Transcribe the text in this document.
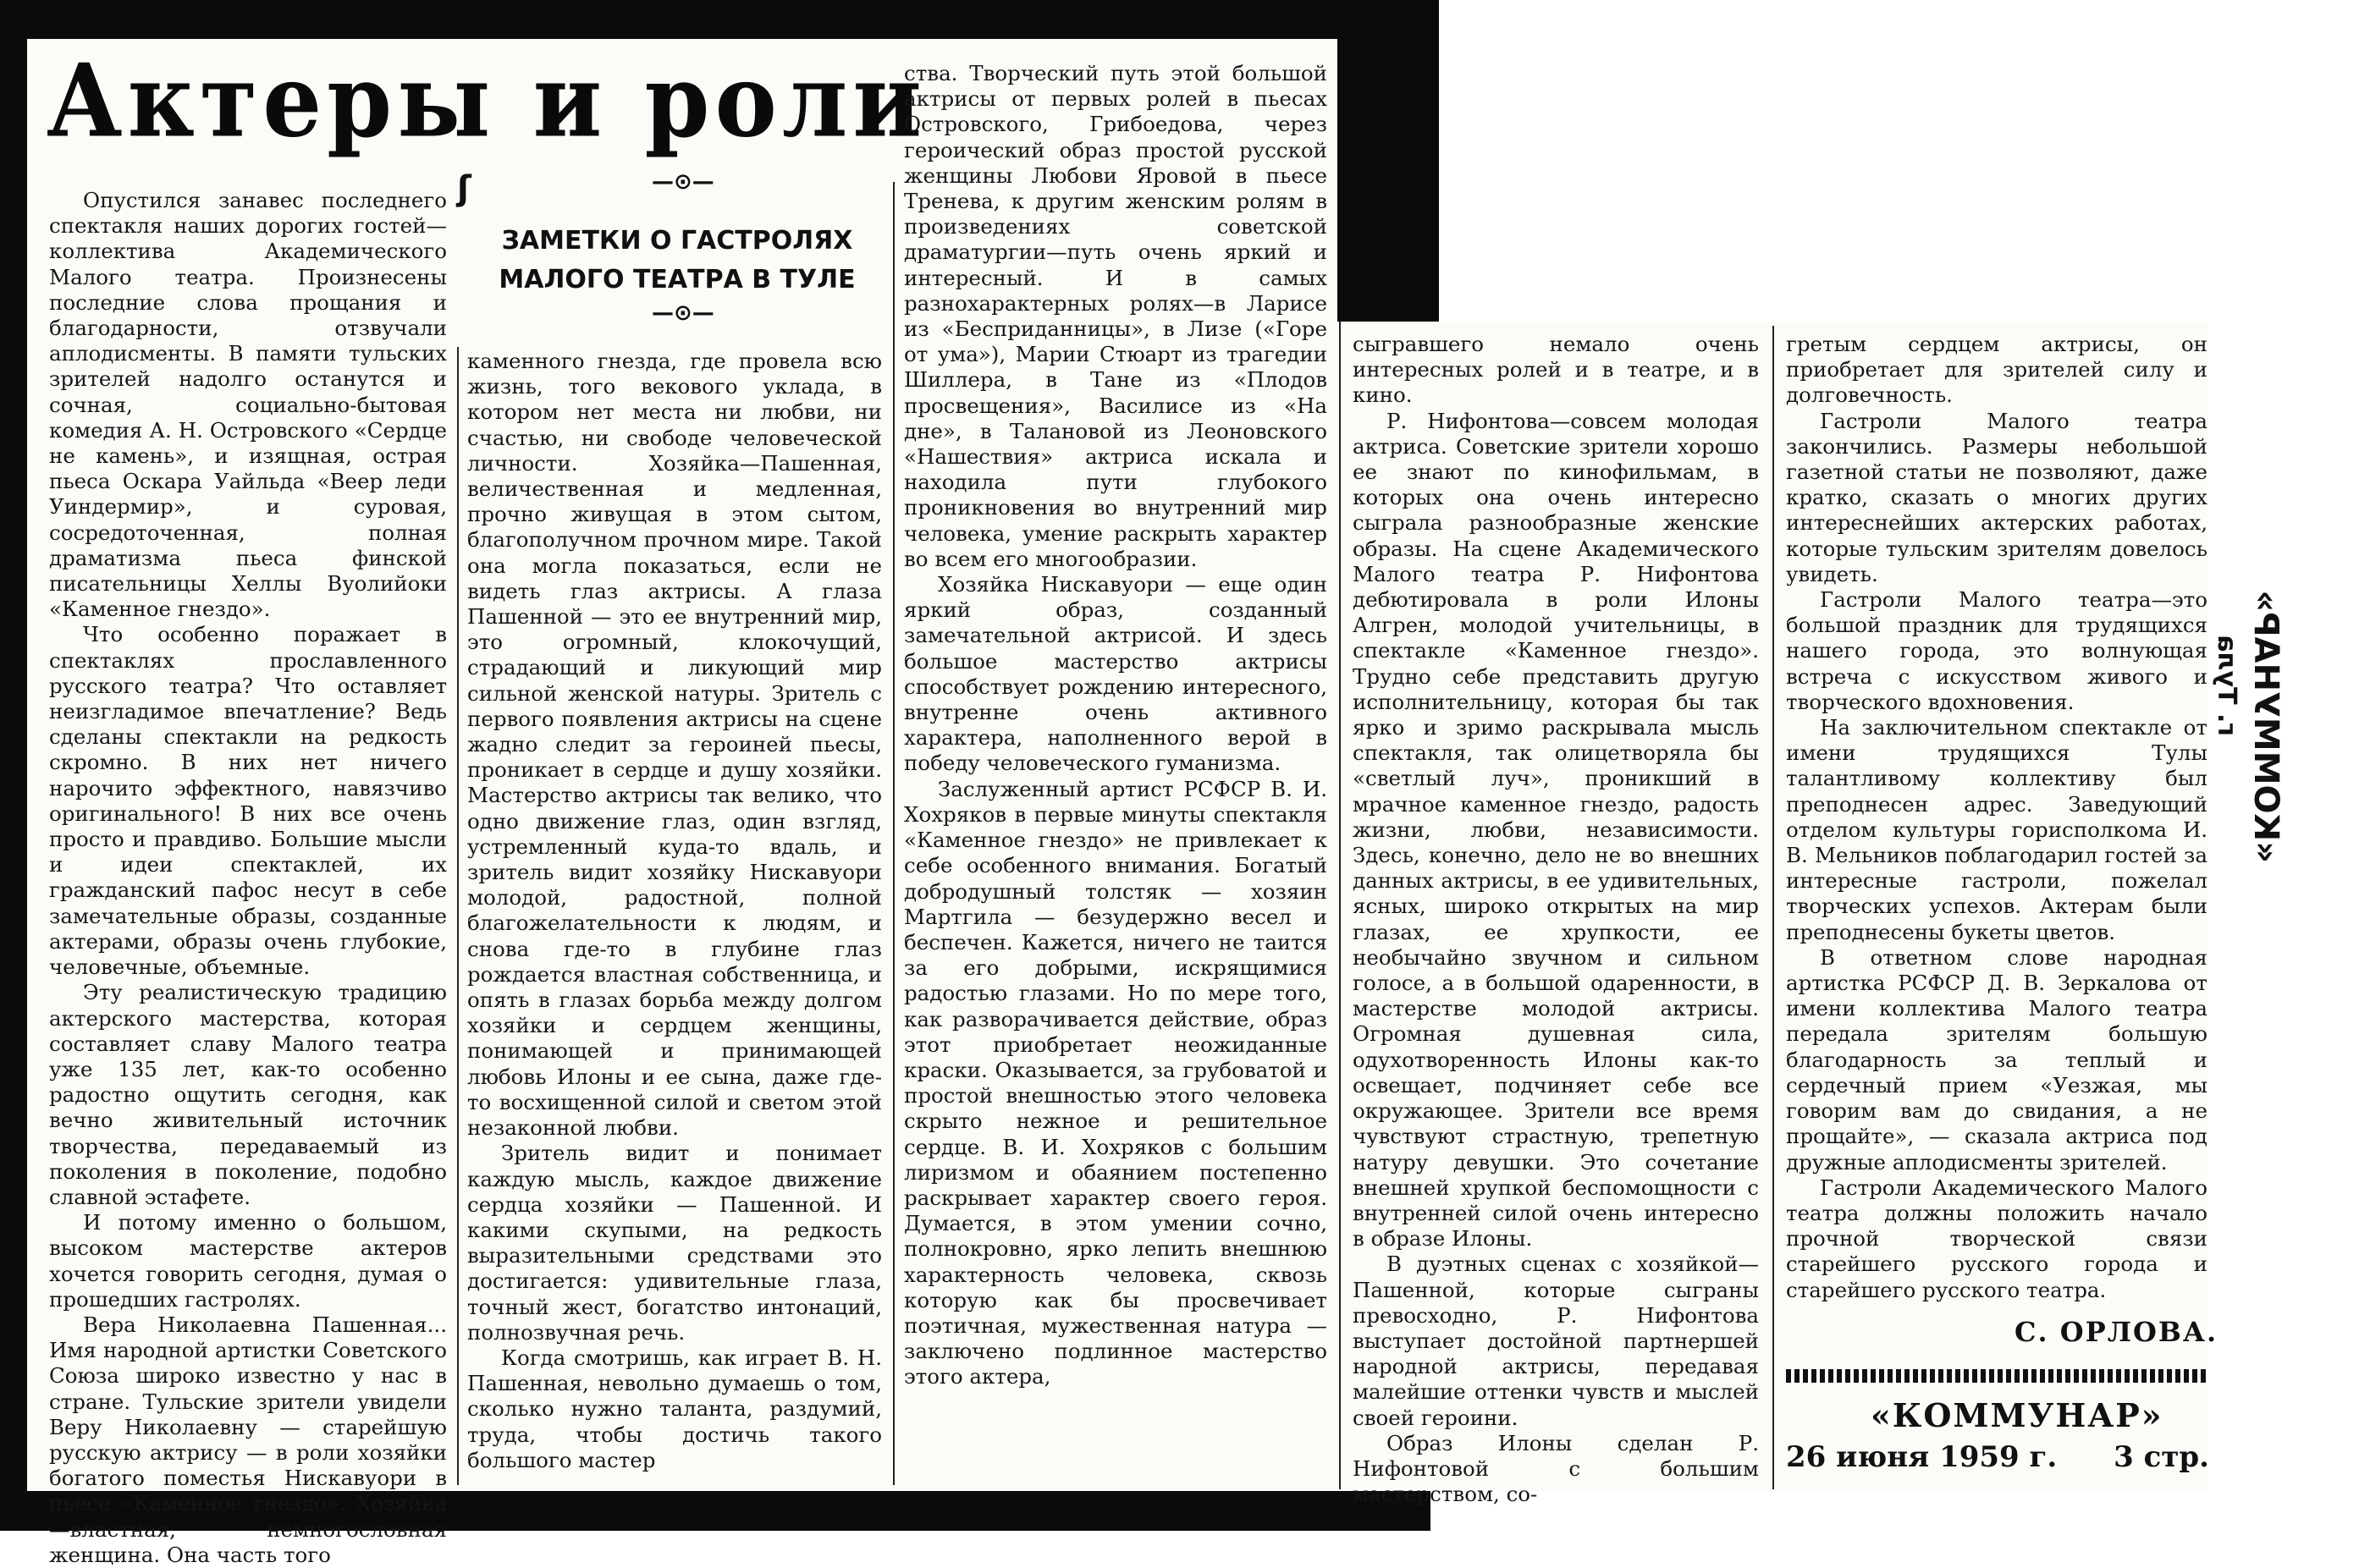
Актеры и роли
ʃ	—⊙—
ЗАМЕТКИ О ГАСТРОЛЯХ
МАЛОГО ТЕАТРА В ТУЛЕ
—⊙—

Опустился занавес последнего спектакля наших дорогих гостей— коллектива Академического Малого театра. Произнесены последние слова прощания и благодарности, отзвучали аплодисменты. В памяти тульских зрителей надолго останутся и сочная, социально-бытовая комедия А. Н. Островского «Сердце не камень», и изящная, острая пьеса Оскара Уайльда «Веер леди Уиндермир», и суровая, сосредоточенная, полная драматизма пьеса финской писательницы Хеллы Вуолийоки «Каменное гнездо».

Что особенно поражает в спектаклях прославленного русского театра? Что оставляет неизгладимое впечатление? Ведь сделаны спектакли на редкость скромно. В них нет ничего нарочито эффектного, навязчиво оригинального! В них все очень просто и правдиво. Большие мысли и идеи спектаклей, их гражданский пафос несут в себе замечательные образы, созданные актерами, образы очень глубокие, человечные, объемные.

Эту реалистическую традицию актерского мастерства, которая составляет славу Малого театра уже 135 лет, как-то особенно радостно ощутить сегодня, как вечно живительный источник творчества, передаваемый из поколения в поколение, подобно славной эстафете.

И потому именно о большом, высоком мастерстве актеров хочется говорить сегодня, думая о прошедших гастролях.

Вера Николаевна Пашенная... Имя народной артистки Советского Союза широко известно у нас в стране. Тульские зрители увидели Веру Николаевну — старейшую русскую актрису — в роли хозяйки богатого поместья Нискавуори в пьесе «Каменное гнездо». Хозяйка—властная, немногословная женщина. Она часть того

каменного гнезда, где провела всю жизнь, того векового уклада, в котором нет места ни любви, ни счастью, ни свободе человеческой личности. Хозяйка—Пашенная, величественная и медленная, прочно живущая в этом сытом, благополучном прочном мире. Такой она могла показаться, если не видеть глаз актрисы. А глаза Пашенной — это ее внутренний мир, это огромный, клокочущий, страдающий и ликующий мир сильной женской натуры. Зритель с первого появления актрисы на сцене жадно следит за героиней пьесы, проникает в сердце и душу хозяйки. Мастерство актрисы так велико, что одно движение глаз, один взгляд, устремленный куда-то вдаль, и зритель видит хозяйку Нискавуори молодой, радостной, полной благожелательности к людям, и снова где-то в глубине глаз рождается властная собственница, и опять в глазах борьба между долгом хозяйки и сердцем женщины, понимающей и принимающей любовь Илоны и ее сына, даже где-то восхищенной силой и светом этой незаконной любви.

Зритель видит и понимает каждую мысль, каждое движение сердца хозяйки — Пашенной. И какими скупыми, на редкость выразительными средствами это достигается: удивительные глаза, точный жест, богатство интонаций, полнозвучная речь.

Когда смотришь, как играет В. Н. Пашенная, невольно думаешь о том, сколько нужно таланта, раздумий, труда, чтобы достичь такого большого мастер

ства. Творческий путь этой большой актрисы от первых ролей в пьесах Островского, Грибоедова, через героический образ простой русской женщины Любови Яровой в пьесе Тренева, к другим женским ролям в произведениях советской драматургии—путь очень яркий и интересный. И в самых разнохарактерных ролях—в Ларисе из «Бесприданницы», в Лизе («Горе от ума»), Марии Стюарт из трагедии Шиллера, в Тане из «Плодов просвещения», Василисе из «На дне», в Талановой из Леоновского «Нашествия» актриса искала и находила пути глубокого проникновения во внутренний мир человека, умение раскрыть характер во всем его многообразии.

Хозяйка Нискавуори — еще один яркий образ, созданный замечательной актрисой. И здесь большое мастерство актрисы способствует рождению интересного, внутренне очень активного характера, наполненного верой в победу человеческого гуманизма.

Заслуженный артист РСФСР В. И. Хохряков в первые минуты спектакля «Каменное гнездо» не привлекает к себе особенного внимания. Богатый добродушный толстяк — хозяин Мартгила — безудержно весел и беспечен. Кажется, ничего не таится за его добрыми, искрящимися радостью глазами. Но по мере того, как разворачивается действие, образ этот приобретает неожиданные краски. Оказывается, за грубоватой и простой внешностью этого человека скрыто нежное и решительное сердце. В. И. Хохряков с большим лиризмом и обаянием постепенно раскрывает характер своего героя. Думается, в этом умении сочно, полнокровно, ярко лепить внешнюю характерность человека, сквозь которую как бы просвечивает поэтичная, мужественная натура — заключено подлинное мастерство этого актера,

сыгравшего немало очень интересных ролей и в театре, и в кино.

Р. Нифонтова—совсем молодая актриса. Советские зрители хорошо ее знают по кинофильмам, в которых она очень интересно сыграла разнообразные женские образы. На сцене Академического Малого театра Р. Нифонтова дебютировала в роли Илоны Алгрен, молодой учительницы, в спектакле «Каменное гнездо». Трудно себе представить другую исполнительницу, которая бы так ярко и зримо раскрывала мысль спектакля, так олицетворяла бы «светлый луч», проникший в мрачное каменное гнездо, радость жизни, любви, независимости. Здесь, конечно, дело не во внешних данных актрисы, в ее удивительных, ясных, широко открытых на мир глазах, ее хрупкости, ее необычайно звучном и сильном голосе, а в большой одаренности, в мастерстве молодой актрисы. Огромная душевная сила, одухотворенность Илоны как-то освещает, подчиняет себе все окружающее. Зрители все время чувствуют страстную, трепетную натуру девушки. Это сочетание внешней хрупкой беспомощности с внутренней силой очень интересно в образе Илоны.

В дуэтных сценах с хозяйкой— Пашенной, которые сыграны превосходно, Р. Нифонтова выступает достойной партнершей народной актрисы, передавая малейшие оттенки чувств и мыслей своей героини.

Образ Илоны сделан Р. Нифонтовой с большим мастерством, со-

гретым сердцем актрисы, он приобретает для зрителей силу и долговечность.

Гастроли Малого театра закончились. Размеры небольшой газетной статьи не позволяют, даже кратко, сказать о многих других интереснейших актерских работах, которые тульским зрителям довелось увидеть.

Гастроли Малого театра—это большой праздник для трудящихся нашего города, это волнующая встреча с искусством живого и творческого вдохновения.

На заключительном спектакле от имени трудящихся Тулы талантливому коллективу был преподнесен адрес. Заведующий отделом культуры горисполкома И. В. Мельников поблагодарил гостей за интересные гастроли, пожелал творческих успехов. Актерам были преподнесены букеты цветов.

В ответном слове народная артистка РСФСР Д. В. Зеркалова от имени коллектива Малого театра передала зрителям большую благодарность за теплый и сердечный прием «Уезжая, мы говорим вам до свидания, а не прощайте», — сказала актриса под дружные аплодисменты зрителей.

Гастроли Академического Малого театра должны положить начало прочной творческой связи старейшего русского города и старейшего русского театра.

С. ОРЛОВА.
«КОММУНАР»
26 июня 1959 г. 3 стр.
«КОММУНАР»
г. Тула
